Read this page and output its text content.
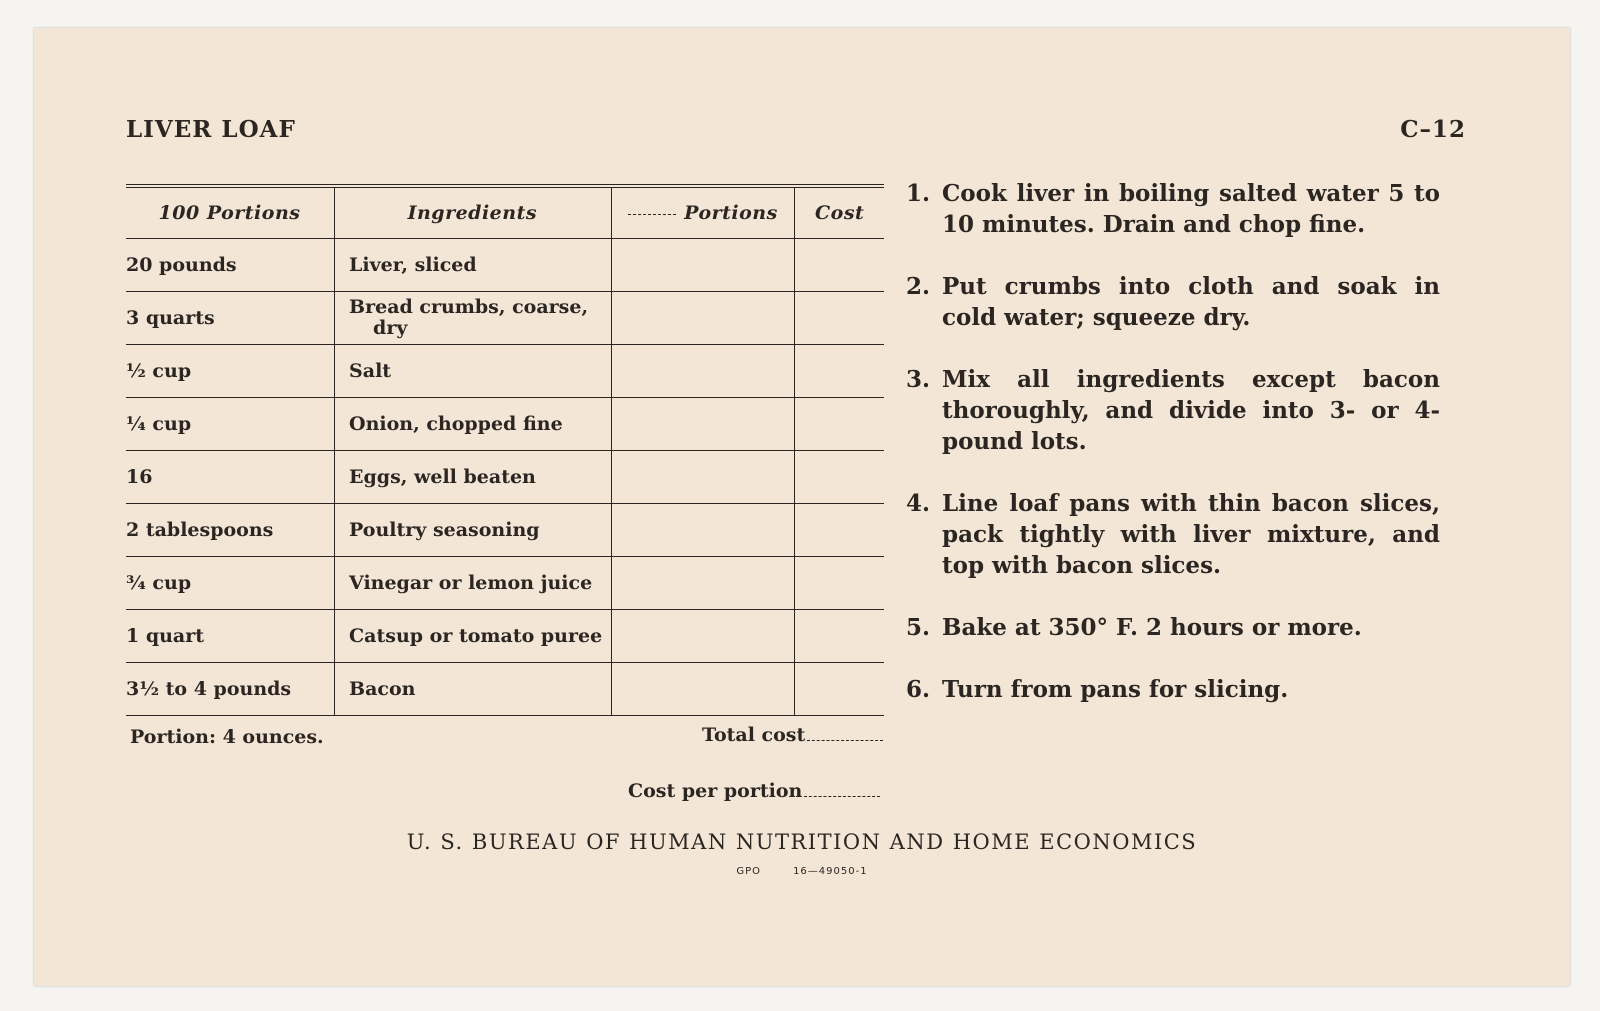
LIVER LOAF	C–12
100 Portions	Ingredients	Portions	Cost
20 pounds	Liver, sliced		

3 quarts	Bread crumbs, coarse,
dry		

½ cup	Salt		

¼ cup	Onion, chopped fine		

16	Eggs, well beaten		

2 tablespoons	Poultry seasoning		

¾ cup	Vinegar or lemon juice		

1 quart	Catsup or tomato puree		

3½ to 4 pounds	Bacon		

Portion: 4 ounces.	Total cost
Cost per portion
1. Cook liver in boiling salted water 5 to 10 minutes. Drain and chop fine.
2. Put crumbs into cloth and soak in cold water; squeeze dry.
3. Mix all ingredients except bacon thoroughly, and divide into 3- or 4-pound lots.
4. Line loaf pans with thin bacon slices, pack tightly with liver mixture, and top with bacon slices.
5. Bake at 350° F. 2 hours or more.
6. Turn from pans for slicing.
U. S. BUREAU OF HUMAN NUTRITION AND HOME ECONOMICS
GPO	16—49050-1
